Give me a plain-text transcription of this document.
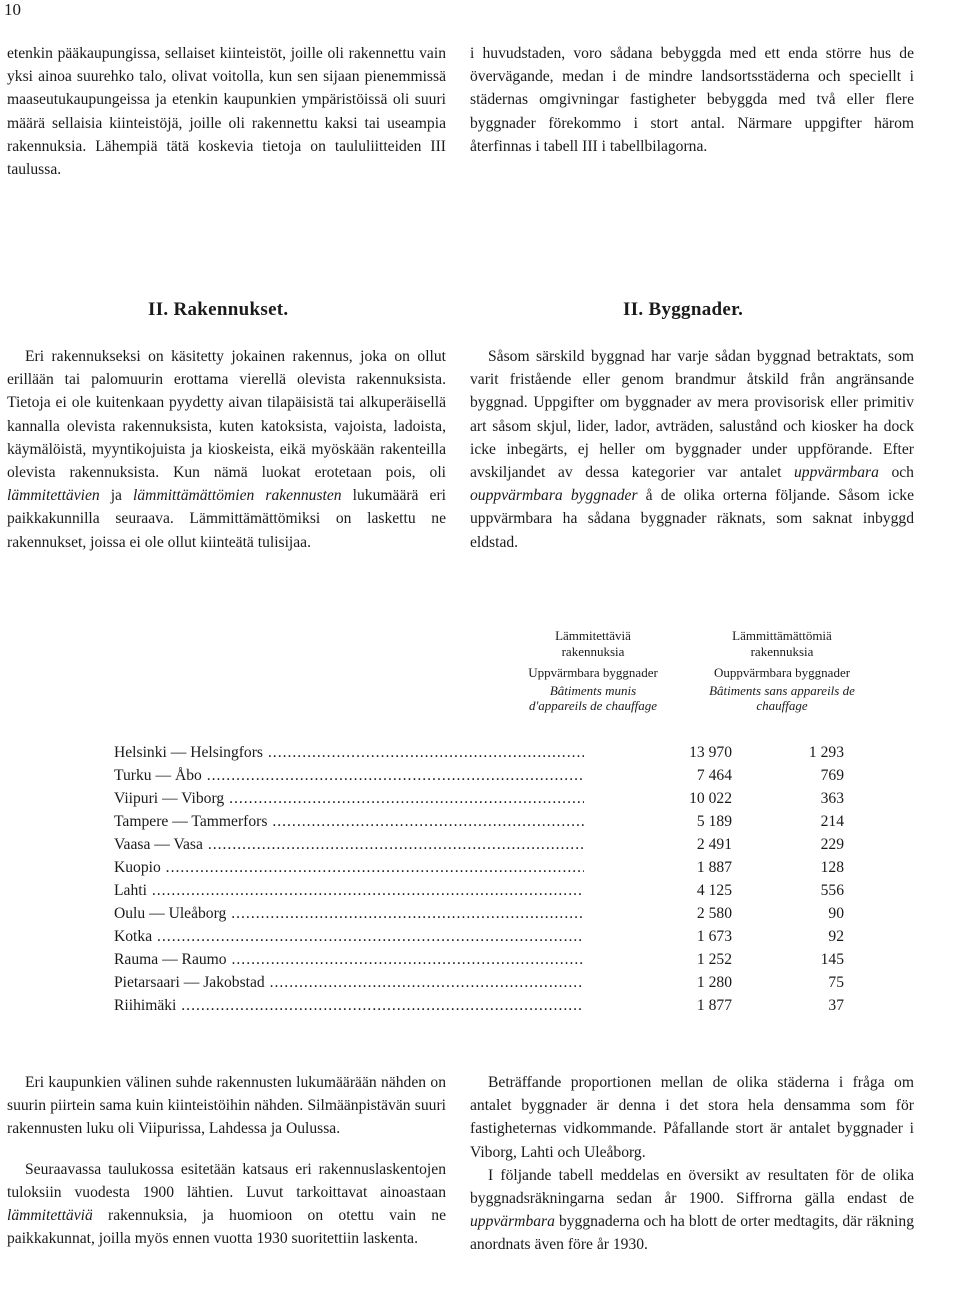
10

etenkin pääkaupungissa, sellaiset kiinteistöt, joille oli rakennettu vain yksi ainoa suurehko talo, olivat voitolla, kun sen sijaan pienemmissä maaseutukaupungeissa ja etenkin kaupunkien ympäristöissä oli suuri määrä sellaisia kiinteistöjä, joille oli rakennettu kaksi tai useampia rakennuksia. Lähempiä tätä koskevia tietoja on taululiitteiden III taulussa.

i huvudstaden, voro sådana bebyggda med ett enda större hus de övervägande, medan i de mindre landsortsstäderna och speciellt i städernas omgivningar fastigheter bebyggda med två eller flere byggnader förekommo i stort antal. Närmare uppgifter härom återfinnas i tabell III i tabellbilagorna.

II. Rakennukset.	II. Byggnader.

Eri rakennukseksi on käsitetty jokainen rakennus, joka on ollut erillään tai palomuurin erottama vierellä olevista rakennuksista. Tietoja ei ole kuitenkaan pyydetty aivan tilapäisistä tai alkuperäisellä kannalla olevista rakennuksista, kuten katoksista, vajoista, ladoista, käymälöistä, myyntikojuista ja kioskeista, eikä myöskään rakenteilla olevista rakennuksista. Kun nämä luokat erotetaan pois, oli lämmitettävien ja lämmittämättömien rakennusten lukumäärä eri paikkakunnilla seuraava. Lämmittämättömiksi on laskettu ne rakennukset, joissa ei ole ollut kiinteätä tulisijaa.

Såsom särskild byggnad har varje sådan byggnad betraktats, som varit fristående eller genom brandmur åtskild från angränsande byggnad. Uppgifter om byggnader av mera provisorisk eller primitiv art såsom skjul, lider, lador, avträden, salustånd och kiosker ha dock icke inbegärts, ej heller om byggnader under uppförande. Efter avskiljandet av dessa kategorier var antalet uppvärmbara och ouppvärmbara byggnader å de olika orterna följande. Såsom icke uppvärmbara ha sådana byggnader räknats, som saknat inbyggd eldstad.

Lämmitettäviä rakennuksia
Uppvärmbara byggnader
Bâtiments munis d'appareils de chauffage
Lämmittämättömiä rakennuksia
Ouppvärmbara byggnader
Bâtiments sans appareils de chauffage
Helsinki — Helsingfors .....	13 970	1 293
Turku — Åbo .....	7 464	769
Viipuri — Viborg .....	10 022	363
Tampere — Tammerfors .....	5 189	214
Vaasa — Vasa .....	2 491	229
Kuopio .....	1 887	128
Lahti .....	4 125	556
Oulu — Uleåborg .....	2 580	90
Kotka .....	1 673	92
Rauma — Raumo .....	1 252	145
Pietarsaari — Jakobstad .....	1 280	75
Riihimäki .....	1 877	37

Eri kaupunkien välinen suhde rakennusten lukumäärään nähden on suurin piirtein sama kuin kiinteistöihin nähden. Silmäänpistävän suuri rakennusten luku oli Viipurissa, Lahdessa ja Oulussa.

Seuraavassa taulukossa esitetään katsaus eri rakennuslaskentojen tuloksiin vuodesta 1900 lähtien. Luvut tarkoittavat ainoastaan lämmitettäviä rakennuksia, ja huomioon on otettu vain ne paikkakunnat, joilla myös ennen vuotta 1930 suoritettiin laskenta.

Beträffande proportionen mellan de olika städerna i fråga om antalet byggnader är denna i det stora hela densamma som för fastigheternas vidkommande. Påfallande stort är antalet byggnader i Viborg, Lahti och Uleåborg.

I följande tabell meddelas en översikt av resultaten för de olika byggnadsräkningarna sedan år 1900. Siffrorna gälla endast de uppvärmbara byggnaderna och ha blott de orter medtagits, där räkning anordnats även före år 1930.
